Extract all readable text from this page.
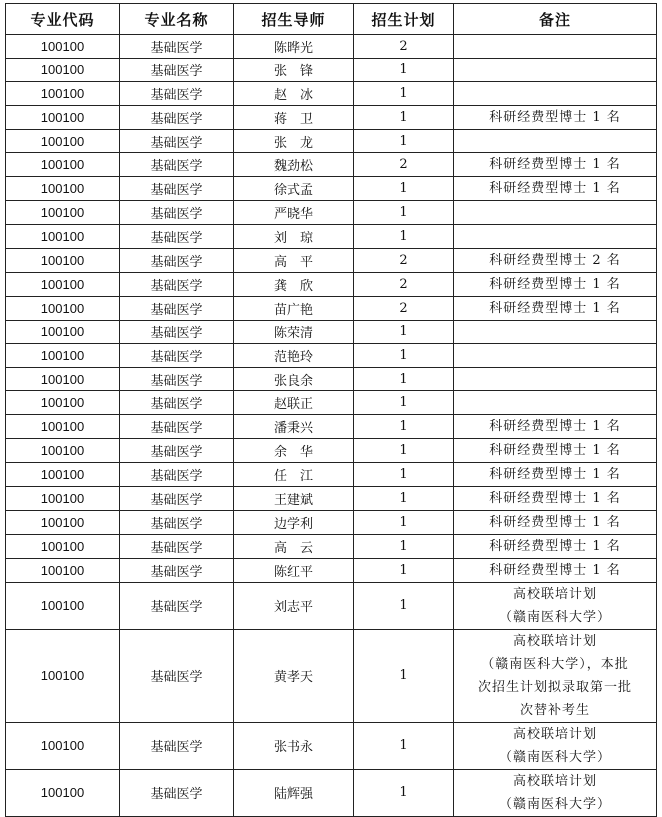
专业代码	专业名称	招生导师	招生计划	备注
100100	基础医学	陈晔光	2	
100100	基础医学	张　锋	1	
100100	基础医学	赵　冰	1	
100100	基础医学	蒋　卫	1	科研经费型博士 1 名
100100	基础医学	张　龙	1	
100100	基础医学	魏劲松	2	科研经费型博士 1 名
100100	基础医学	徐式孟	1	科研经费型博士 1 名
100100	基础医学	严晓华	1	
100100	基础医学	刘　琼	1	
100100	基础医学	高　平	2	科研经费型博士 2 名
100100	基础医学	龚　欣	2	科研经费型博士 1 名
100100	基础医学	苗广艳	2	科研经费型博士 1 名
100100	基础医学	陈荣清	1	
100100	基础医学	范艳玲	1	
100100	基础医学	张良余	1	
100100	基础医学	赵联正	1	
100100	基础医学	潘秉兴	1	科研经费型博士 1 名
100100	基础医学	余　华	1	科研经费型博士 1 名
100100	基础医学	任　江	1	科研经费型博士 1 名
100100	基础医学	王建斌	1	科研经费型博士 1 名
100100	基础医学	边学利	1	科研经费型博士 1 名
100100	基础医学	高　云	1	科研经费型博士 1 名
100100	基础医学	陈红平	1	科研经费型博士 1 名
100100	基础医学	刘志平	1	高校联培计划
（赣南医科大学）

100100	基础医学	黄孝天	1	高校联培计划
（赣南医科大学），本批
次招生计划拟录取第一批
次替补考生

100100	基础医学	张书永	1	高校联培计划
（赣南医科大学）

100100	基础医学	陆辉强	1	高校联培计划
（赣南医科大学）
